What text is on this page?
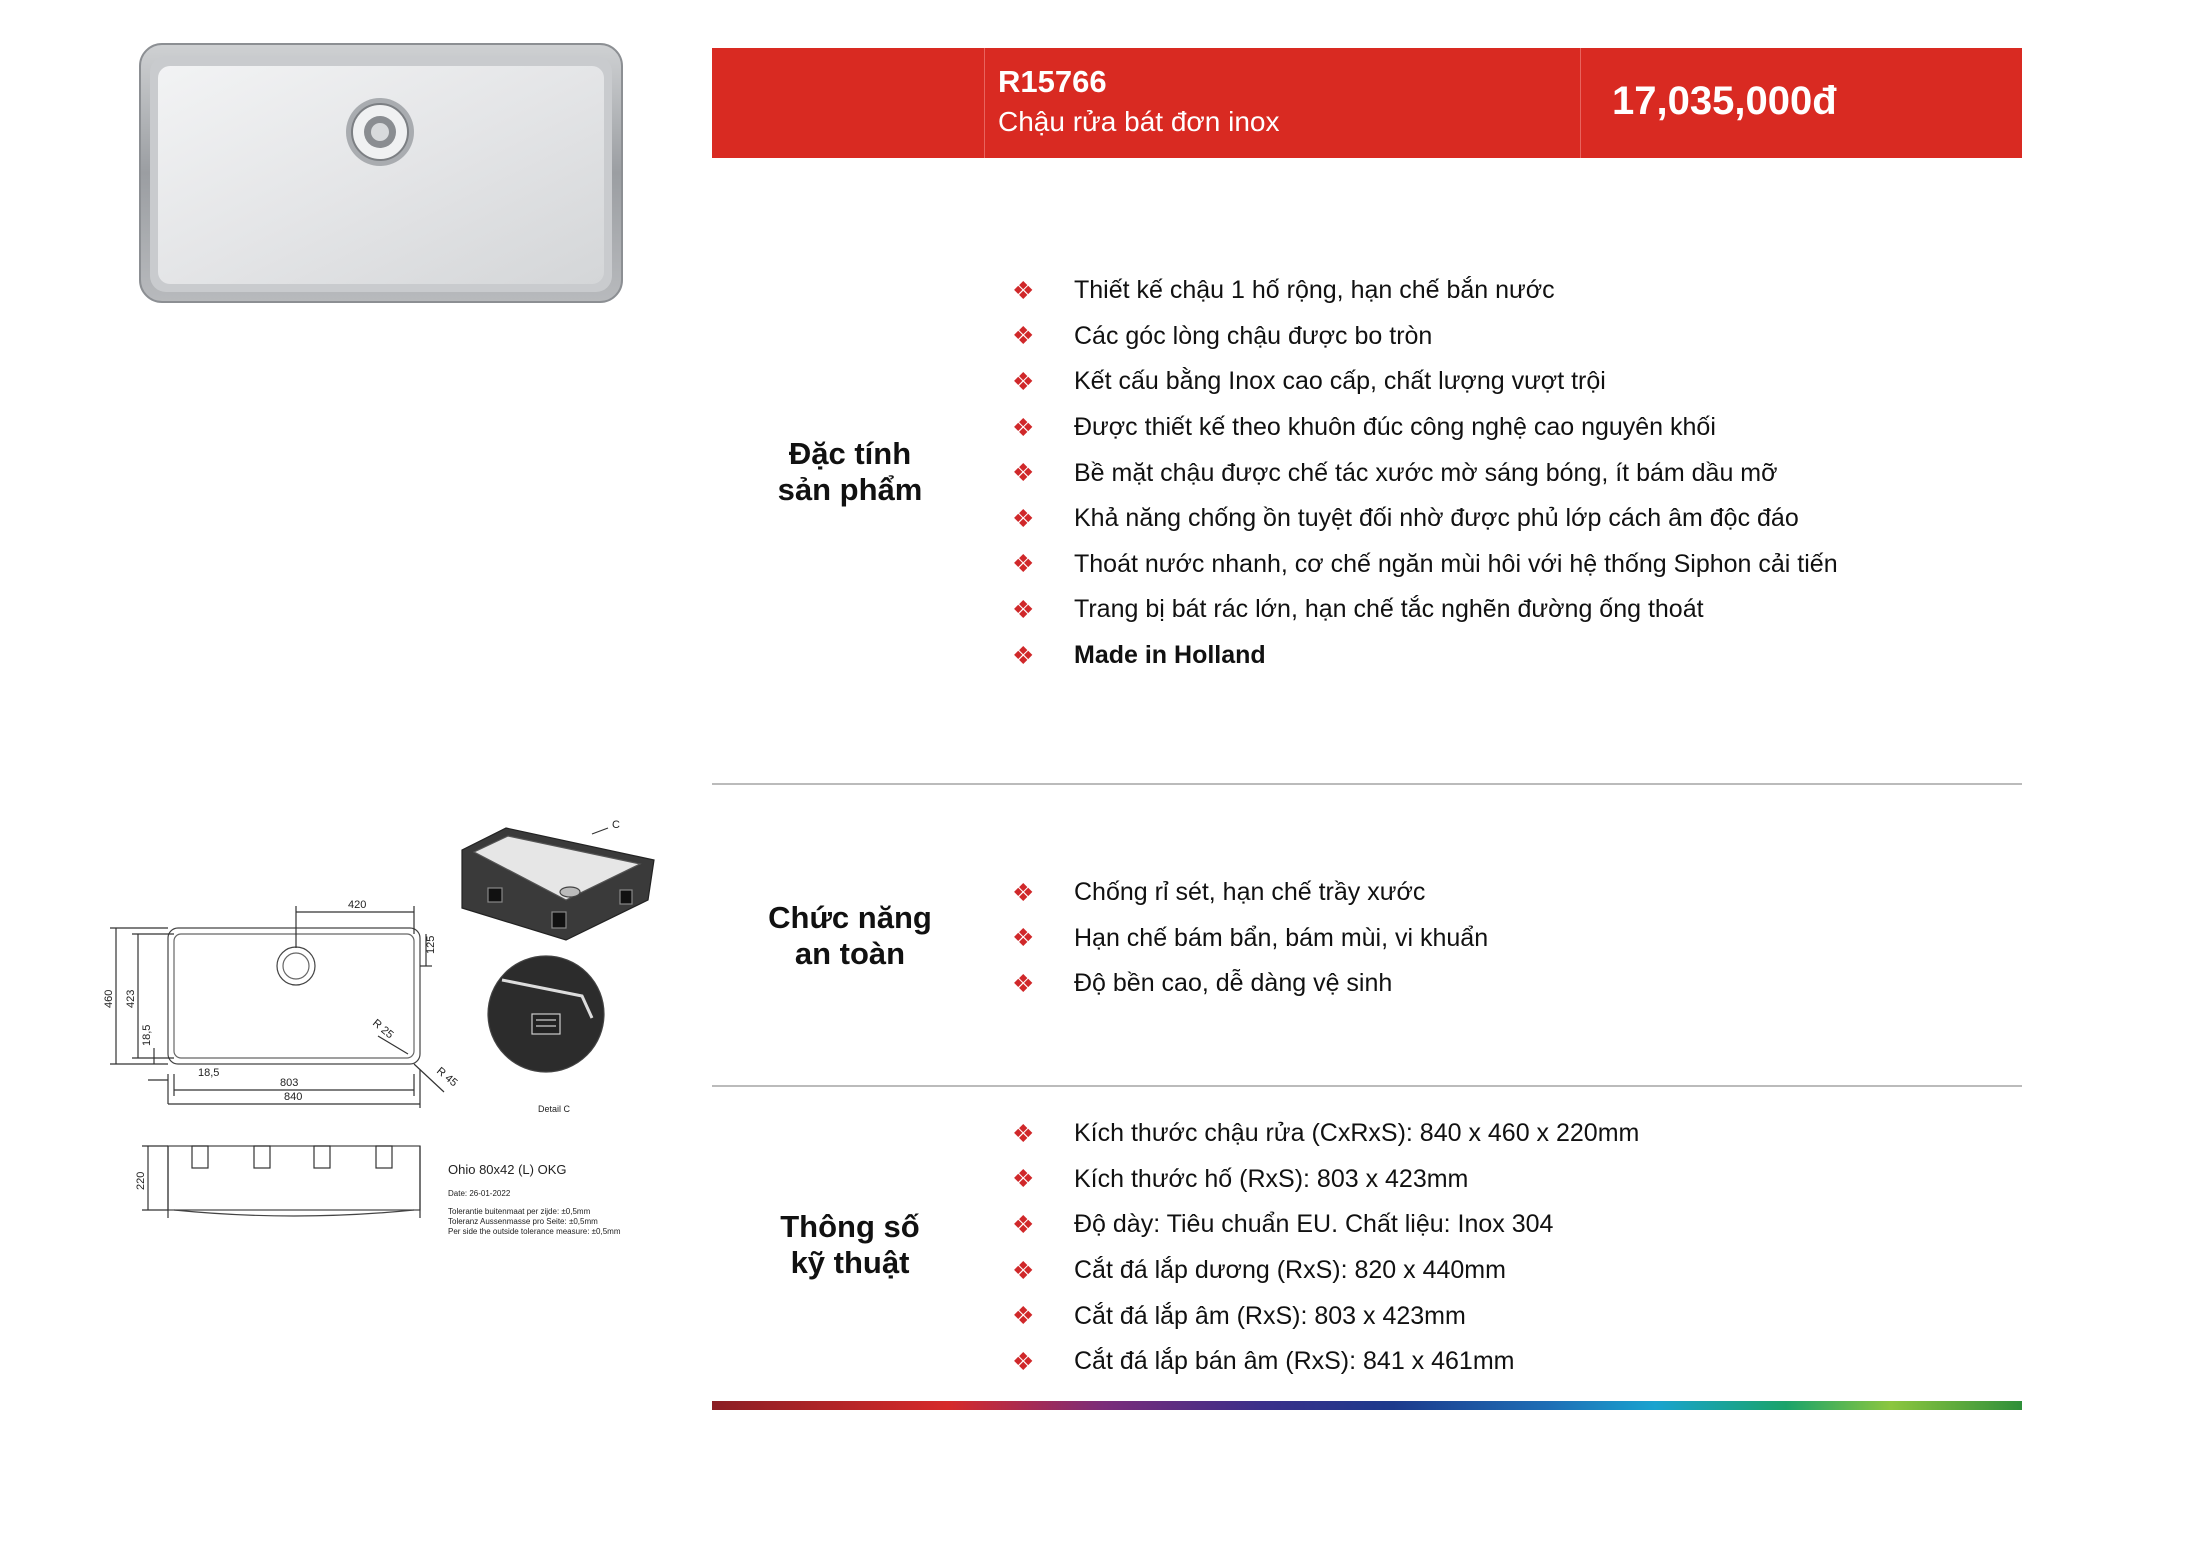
R15766
Chậu rửa bát đơn inox	17,035,000đ
Đặc tính
sản phẩm
❖	Thiết kế chậu 1 hố rộng, hạn chế bắn nước
❖	Các góc lòng chậu được bo tròn
❖	Kết cấu bằng Inox cao cấp, chất lượng vượt trội
❖	Được thiết kế theo khuôn đúc công nghệ cao nguyên khối
❖	Bề mặt chậu được chế tác xước mờ sáng bóng, ít bám dầu mỡ
❖	Khả năng chống ồn tuyệt đối nhờ được phủ lớp cách âm độc đáo
❖	Thoát nước nhanh, cơ chế ngăn mùi hôi với hệ thống Siphon cải tiến
❖	Trang bị bát rác lớn, hạn chế tắc nghẽn đường ống thoát
❖	Made in Holland
Chức năng
an toàn
❖	Chống rỉ sét, hạn chế trầy xước
❖	Hạn chế bám bẩn, bám mùi, vi khuẩn
❖	Độ bền cao, dễ dàng vệ sinh
Thông số
kỹ thuật
❖	Kích thước chậu rửa (CxRxS): 840 x 460 x 220mm
❖	Kích thước hố (RxS): 803 x 423mm
❖	Độ dày: Tiêu chuẩn EU. Chất liệu: Inox 304
❖	Cắt đá lắp dương (RxS): 820 x 440mm
❖	Cắt đá lắp âm (RxS): 803 x 423mm
❖	Cắt đá lắp bán âm (RxS): 841 x 461mm
420
125
460 423
18,5
18,5
803
840
220
R 25
R 45
C
Detail C
Ohio 80x42 (L) OKG
Date: 26-01-2022
Tolerantie buitenmaat per zijde: ±0,5mm
Toleranz Aussenmasse pro Seite: ±0,5mm
Per side the outside tolerance measure: ±0,5mm
